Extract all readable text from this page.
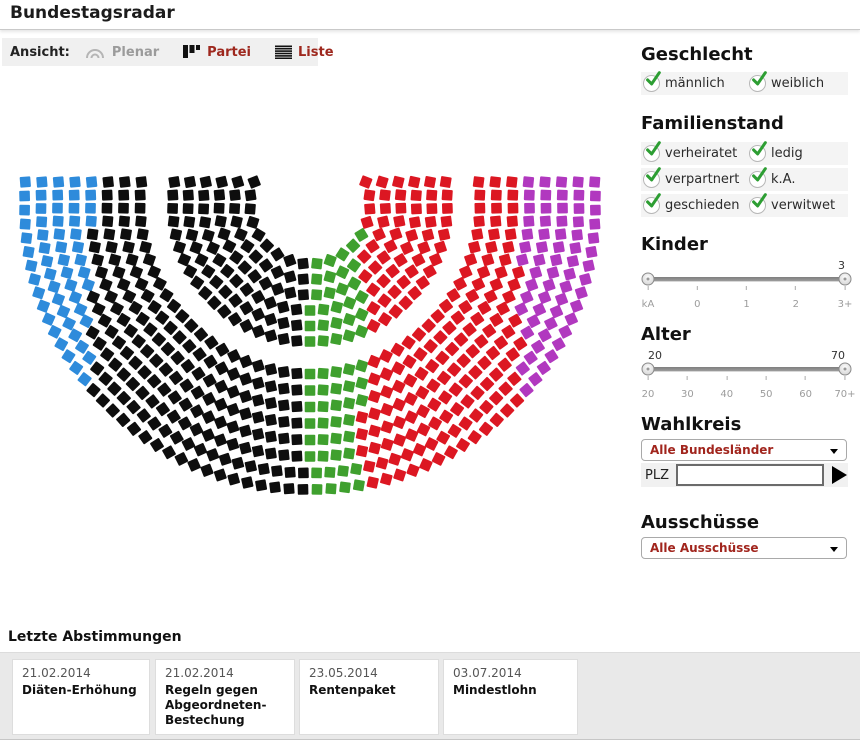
Bundestagsradar
Ansicht:	Plenar	Partei	Liste	Geschlecht
männlich	weiblich
Familienstand
verheiratet	ledig
verpartnert k.A.
geschieden verwitwet
Kinder
3
kA	0	1	2	3+
Alter
20	70
20	30	40	50	60 70+
Wahlkreis
Alle Bundesländer
PLZ
Ausschüsse
Alle Ausschüsse
Letzte Abstimmungen
21.02.2014
Diäten-Erhöhung
21.02.2014
Regeln gegen Abgeordneten-Bestechung
23.05.2014
Rentenpaket
03.07.2014
Mindestlohn
